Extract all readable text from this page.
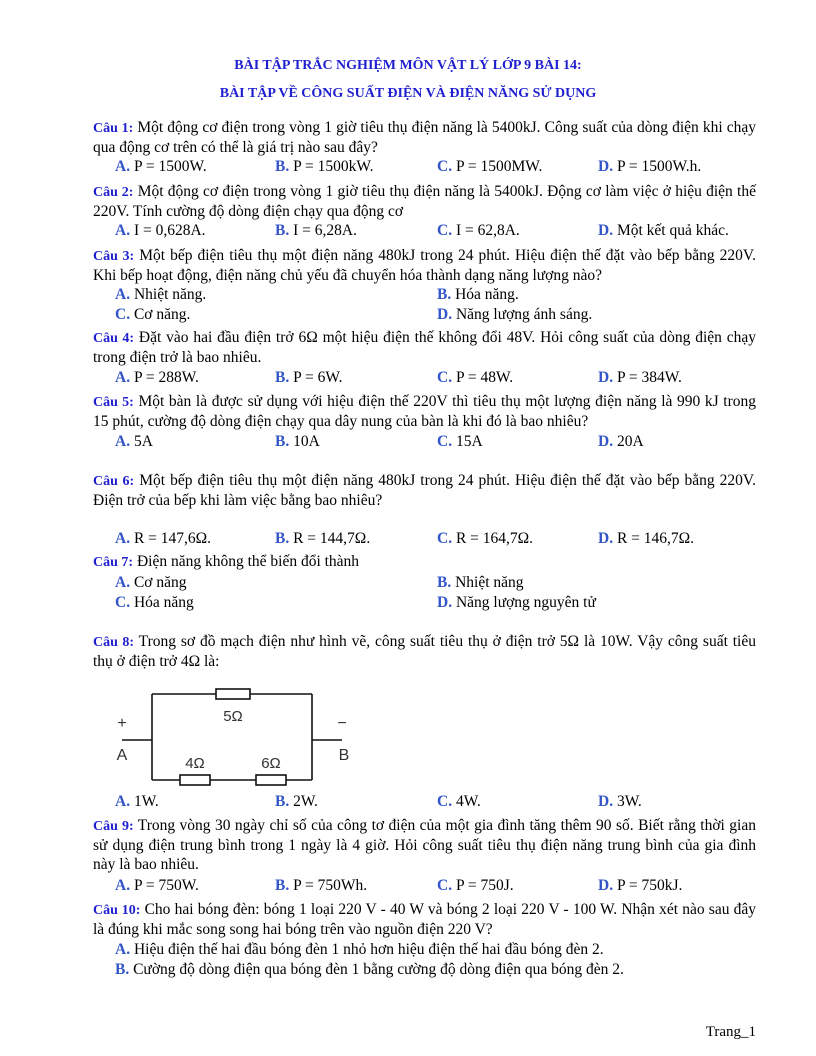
BÀI TẬP TRẮC NGHIỆM MÔN VẬT LÝ LỚP 9 BÀI 14:
BÀI TẬP VỀ CÔNG SUẤT ĐIỆN VÀ ĐIỆN NĂNG SỬ DỤNG
Câu 1: Một động cơ điện trong vòng 1 giờ tiêu thụ điện năng là 5400kJ. Công suất của dòng điện khi chạy qua động cơ trên có thể là giá trị nào sau đây?
A. P = 1500W.	B. P = 1500kW.	C. P = 1500MW.	D. P = 1500W.h.
Câu 2: Một động cơ điện trong vòng 1 giờ tiêu thụ điện năng là 5400kJ. Động cơ làm việc ở hiệu điện thế 220V. Tính cường độ dòng điện chạy qua động cơ
A. I = 0,628A.	B. I = 6,28A.	C. I = 62,8A.	D. Một kết quả khác.
Câu 3: Một bếp điện tiêu thụ một điện năng 480kJ trong 24 phút. Hiệu điện thế đặt vào bếp bằng 220V. Khi bếp hoạt động, điện năng chủ yếu đã chuyển hóa thành dạng năng lượng nào?
A. Nhiệt năng.	B. Hóa năng.
C. Cơ năng.	D. Năng lượng ánh sáng.
Câu 4: Đặt vào hai đầu điện trở 6Ω một hiệu điện thế không đổi 48V. Hỏi công suất của dòng điện chạy trong điện trở là bao nhiêu.
A. P = 288W.	B. P = 6W.	C. P = 48W.	D. P = 384W.
Câu 5: Một bàn là được sử dụng với hiệu điện thế 220V thì tiêu thụ một lượng điện năng là 990 kJ trong 15 phút, cường độ dòng điện chạy qua dây nung của bàn là khi đó là bao nhiêu?
A. 5A	B. 10A	C. 15A	D. 20A
Câu 6: Một bếp điện tiêu thụ một điện năng 480kJ trong 24 phút. Hiệu điện thế đặt vào bếp bằng 220V. Điện trở của bếp khi làm việc bằng bao nhiêu?
A. R = 147,6Ω.	B. R = 144,7Ω.	C. R = 164,7Ω.	D. R = 146,7Ω.
Câu 7: Điện năng không thể biến đổi thành
A. Cơ năng	B. Nhiệt năng
C. Hóa năng	D. Năng lượng nguyên tử
Câu 8: Trong sơ đồ mạch điện như hình vẽ, công suất tiêu thụ ở điện trở 5Ω là 10W. Vậy công suất tiêu thụ ở điện trở 4Ω là:
5Ω
4Ω	6Ω
+	−
A	B
A. 1W.	B. 2W.	C. 4W.	D. 3W.
Câu 9: Trong vòng 30 ngày chỉ số của công tơ điện của một gia đình tăng thêm 90 số. Biết rằng thời gian sử dụng điện trung bình trong 1 ngày là 4 giờ. Hỏi công suất tiêu thụ điện năng trung bình của gia đình này là bao nhiêu.
A. P = 750W.	B. P = 750Wh.	C. P = 750J.	D. P = 750kJ.
Câu 10: Cho hai bóng đèn: bóng 1 loại 220 V - 40 W và bóng 2 loại 220 V - 100 W. Nhận xét nào sau đây là đúng khi mắc song song hai bóng trên vào nguồn điện 220 V?
A. Hiệu điện thế hai đầu bóng đèn 1 nhỏ hơn hiệu điện thế hai đầu bóng đèn 2.
B. Cường độ dòng điện qua bóng đèn 1 bằng cường độ dòng điện qua bóng đèn 2.
Trang_1
